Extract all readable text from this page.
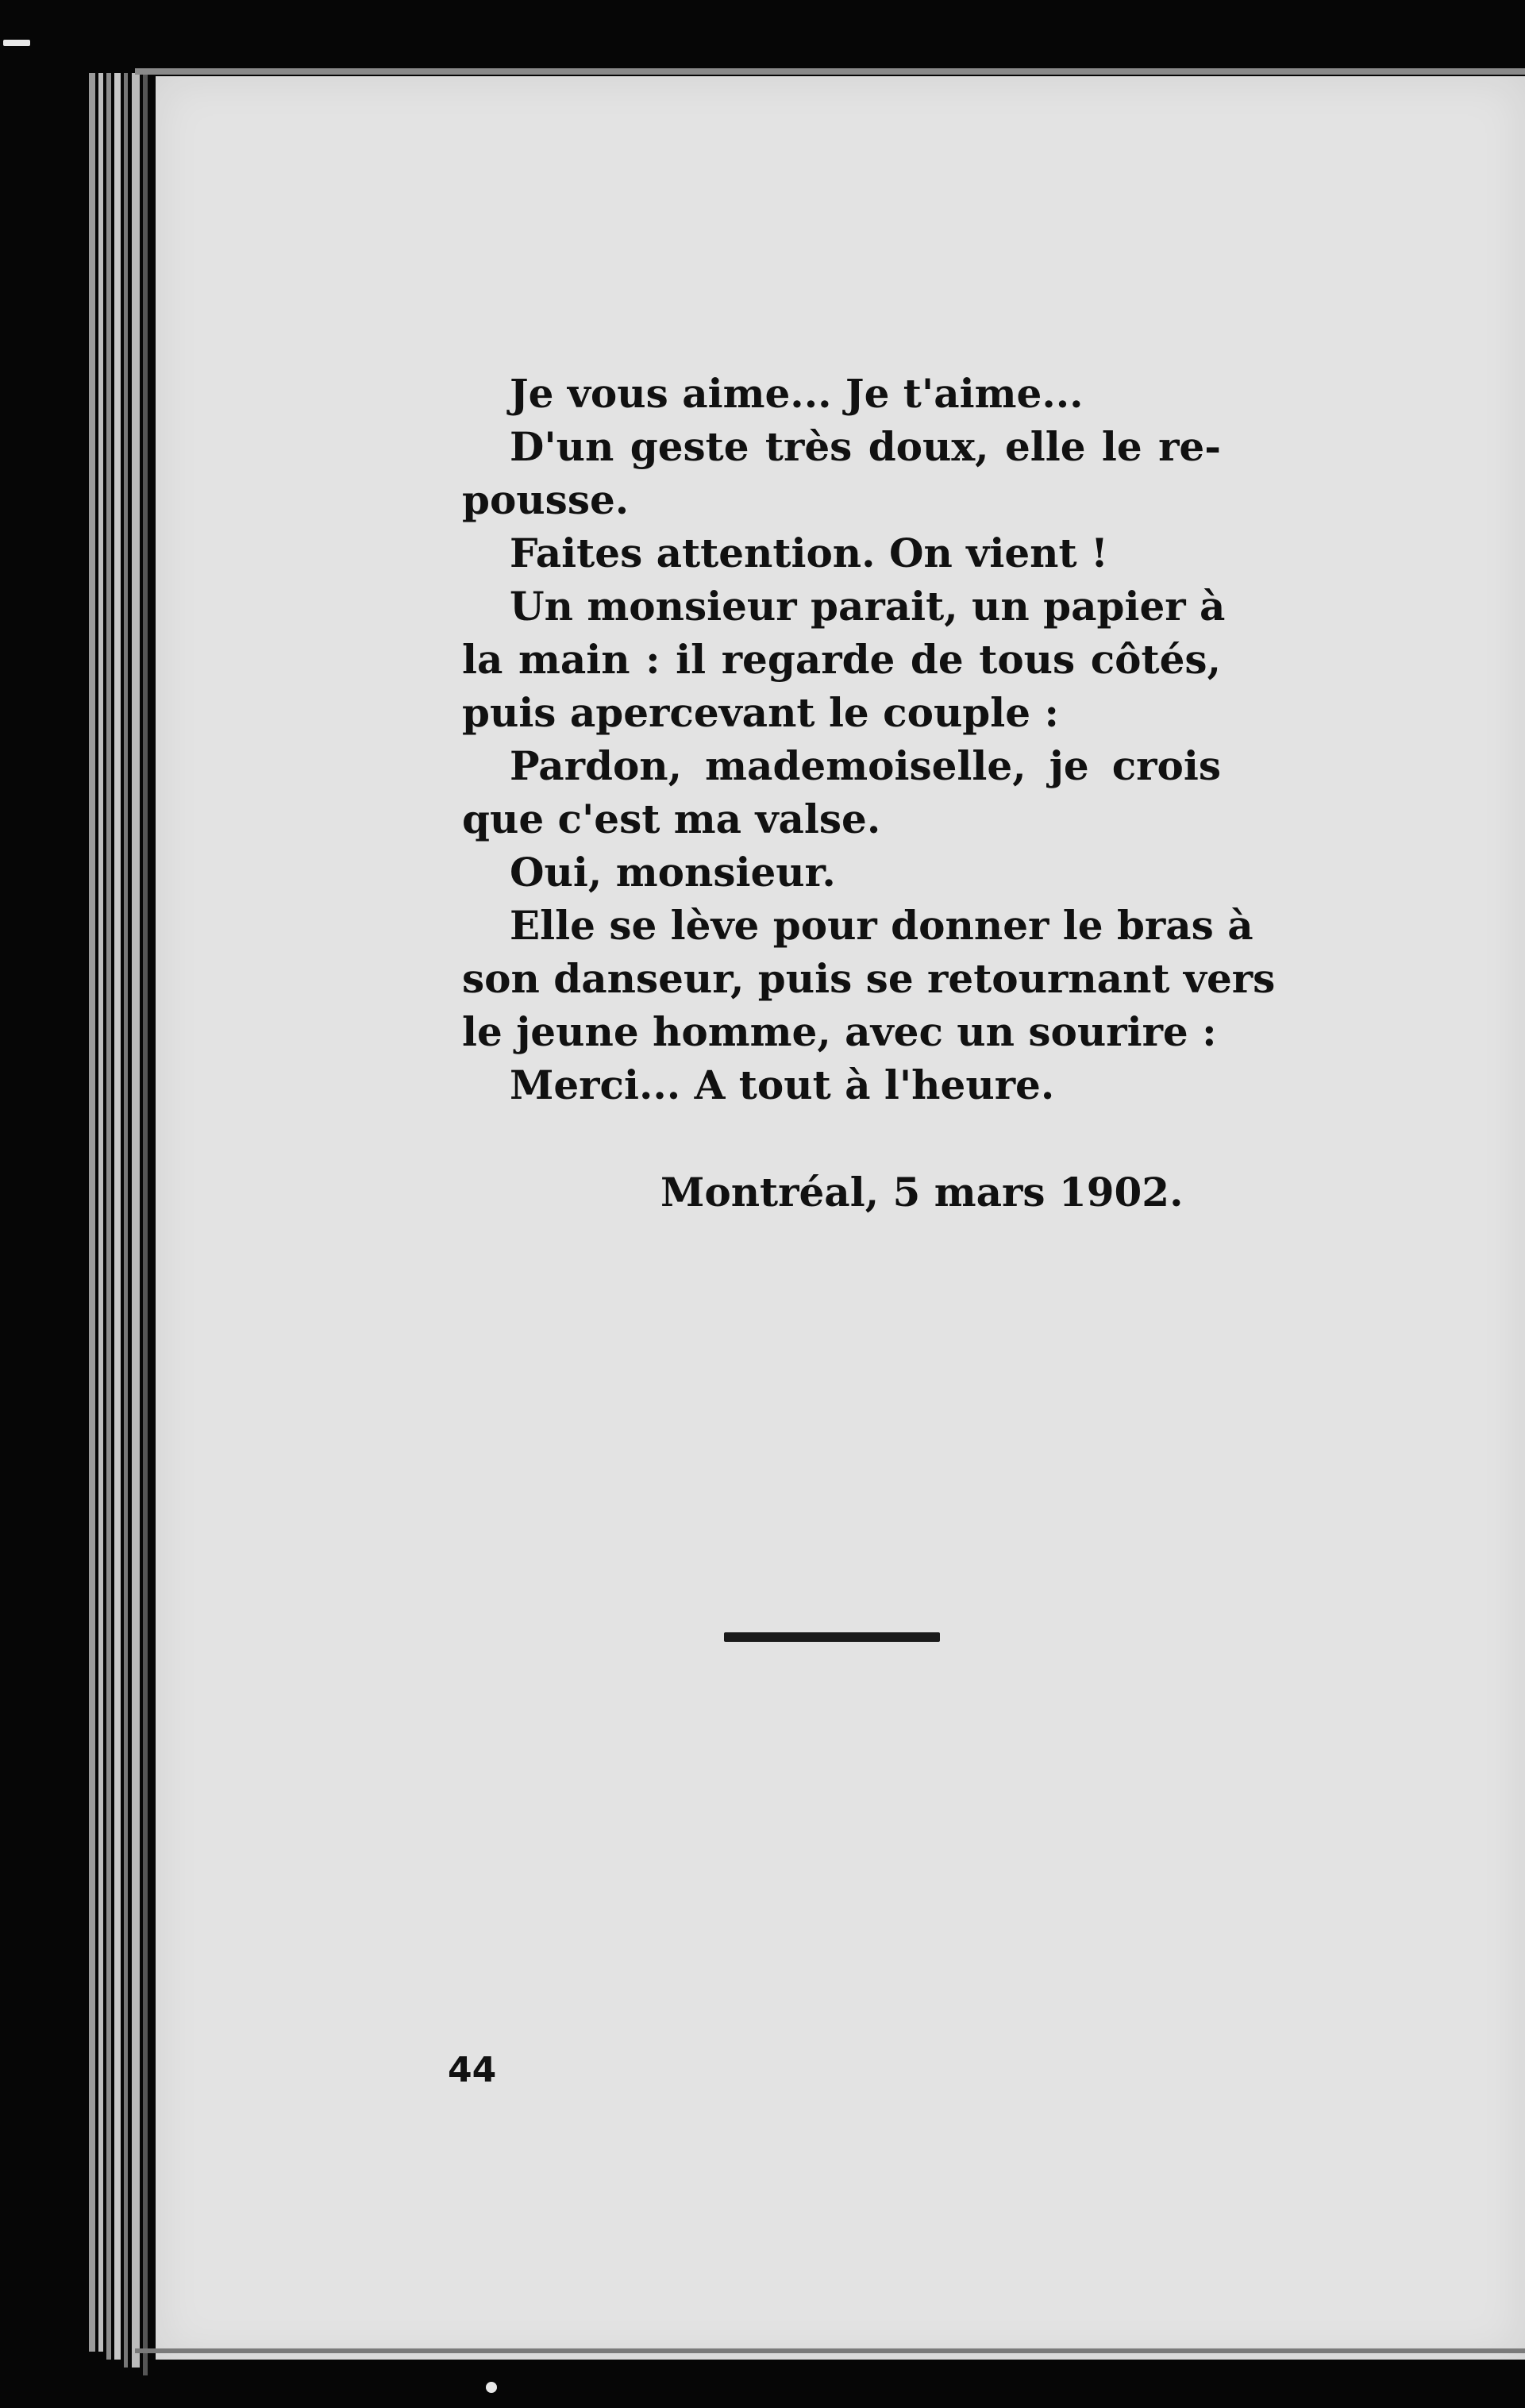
Je vous aime... Je t'aime...
D'un geste très doux, elle le re-
pousse.
Faites attention. On vient !
Un monsieur parait, un papier à
la main : il regarde de tous côtés,
puis apercevant le couple :
Pardon, mademoiselle, je crois
que c'est ma valse.
Oui, monsieur.
Elle se lève pour donner le bras à
son danseur, puis se retournant vers
le jeune homme, avec un sourire :
Merci... A tout à l'heure.
Montréal, 5 mars 1902.
44
